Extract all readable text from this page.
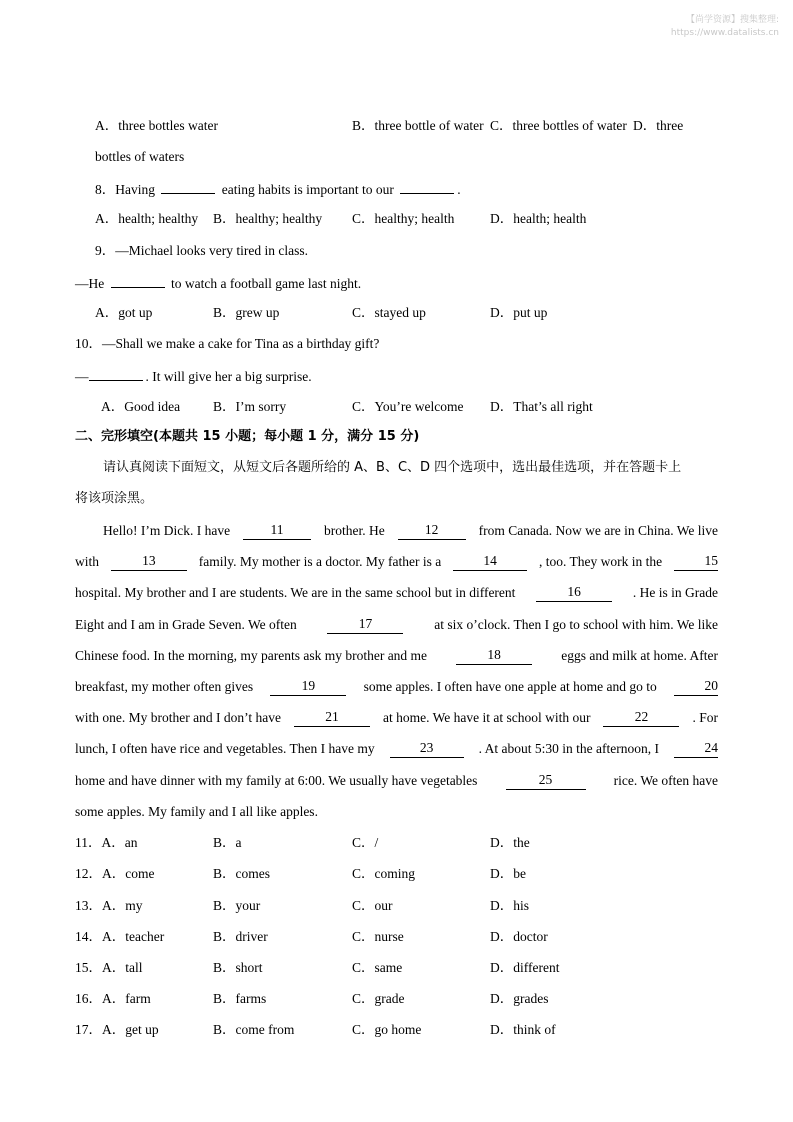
【尚学资源】搜集整理:
https://www.datalists.cn
A．three bottles water	B．three bottle of water C．three bottles of water D．three
bottles of waters
8．Having	eating habits is important to our	.
A．health; healthy B．healthy; healthy C．healthy; health	D．health; health
9．—Michael looks very tired in class.
—He	to watch a football game last night.
A．got up	B．grew up	C．stayed up	D．put up
10．—Shall we make a cake for Tina as a birthday gift?
—	. It will give her a big surprise.
A．Good idea B．I’m sorry	C．You’re welcome D．That’s all right
二、完形填空(本题共 15 小题；每小题 1 分，满分 15 分)
请认真阅读下面短文，从短文后各题所给的 A、B、C、D 四个选项中，选出最佳选项，并在答题卡上
将该项涂黑。
Hello! I’m Dick. I have	11	brother. He	12	from Canada. Now we are in China. We live
with	13	family. My mother is a doctor. My father is a	14	, too. They work in the	15
hospital. My brother and I are students. We are in the same school but in different	16	. He is in Grade
Eight and I am in Grade Seven. We often	17	at six o’clock. Then I go to school with him. We like
Chinese food. In the morning, my parents ask my brother and me	18	eggs and milk at home. After
breakfast, my mother often gives	19	some apples. I often have one apple at home and go to	20
with one. My brother and I don’t have	21	at home. We have it at school with our	22	. For
lunch, I often have rice and vegetables. Then I have my	23	. At about 5:30 in the afternoon, I	24
home and have dinner with my family at 6:00. We usually have vegetables	25	rice. We often have
some apples. My family and I all like apples.
11．A．an	B．a	C．/	D．the
12．A．come	B．comes	C．coming	D．be
13．A．my	B．your	C．our	D．his
14．A．teacher	B．driver	C．nurse	D．doctor
15．A．tall	B．short	C．same	D．different
16．A．farm	B．farms	C．grade	D．grades
17．A．get up	B．come from	C．go home	D．think of
